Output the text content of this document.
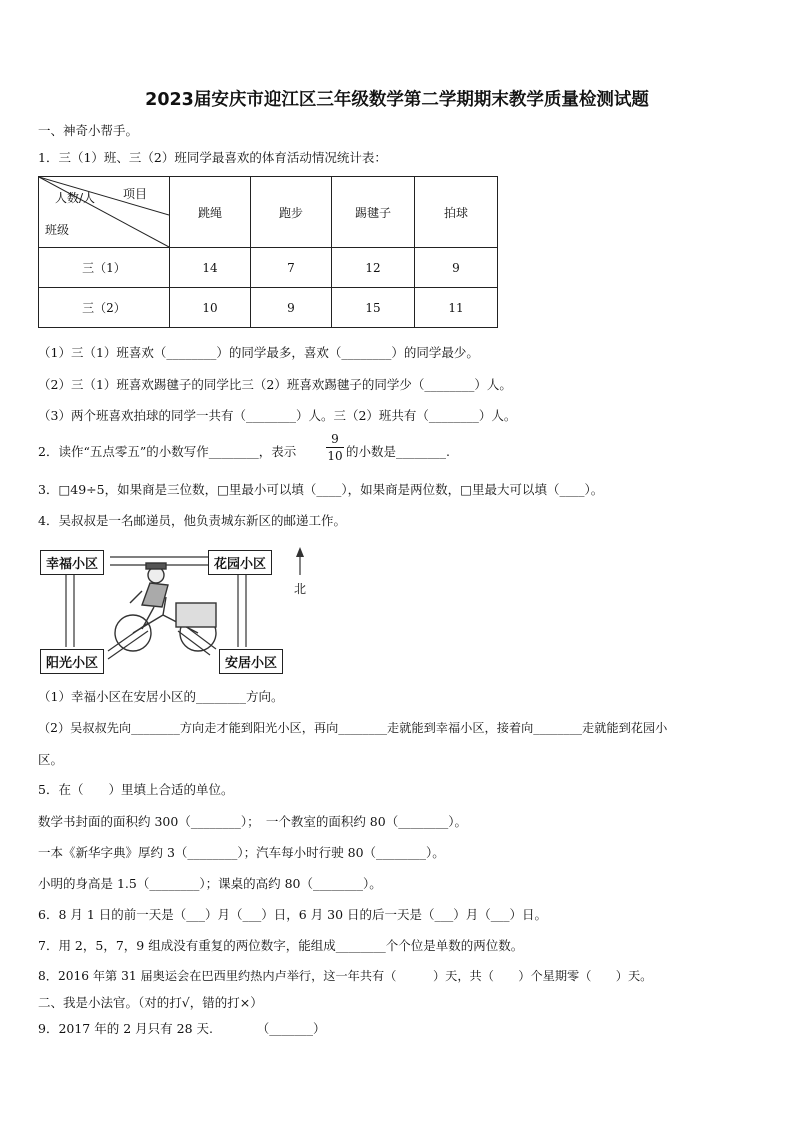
2023届安庆市迎江区三年级数学第二学期期末教学质量检测试题
一、神奇小帮手。
1．三（1）班、三（2）班同学最喜欢的体育活动情况统计表：
人数/人 项目
班级	跳绳	跑步	踢毽子	拍球
三（1）	14	7	12	9
三（2）	10	9	15	11
（1）三（1）班喜欢（________）的同学最多，喜欢（________）的同学最少。
（2）三（1）班喜欢踢毽子的同学比三（2）班喜欢踢毽子的同学少（________）人。
（3）两个班喜欢拍球的同学一共有（________）人。三（2）班共有（________）人。
2．读作“五点零五”的小数写作________，表示
9
10 的小数是________.
3．□49÷5，如果商是三位数，□里最小可以填（____），如果商是两位数，□里最大可以填（____）。
4．吴叔叔是一名邮递员，他负责城东新区的邮递工作。
幸福小区	花园小区
阳光小区	安居小区
北
（1）幸福小区在安居小区的________方向。
（2）吴叔叔先向________方向走才能到阳光小区，再向________走就能到幸福小区，接着向________走就能到花园小
区。
5．在（　　）里填上合适的单位。
数学书封面的面积约 300（________）；　一个教室的面积约 80（________）。
一本《新华字典》厚约 3（________）；汽车每小时行驶 80（________）。
小明的身高是 1.5（________）；课桌的高约 80（________）。
6．8 月 1 日的前一天是（___）月（___）日，6 月 30 日的后一天是（___）月（___）日。
7．用 2，5，7，9 组成没有重复的两位数字，能组成________个个位是单数的两位数。
8．2016 年第 31 届奥运会在巴西里约热内卢举行，这一年共有（　　　）天，共（　　）个星期零（　　）天。
二、我是小法官。（对的打√，错的打×）
9．2017 年的 2 月只有 28 天.　　　　（_______）
